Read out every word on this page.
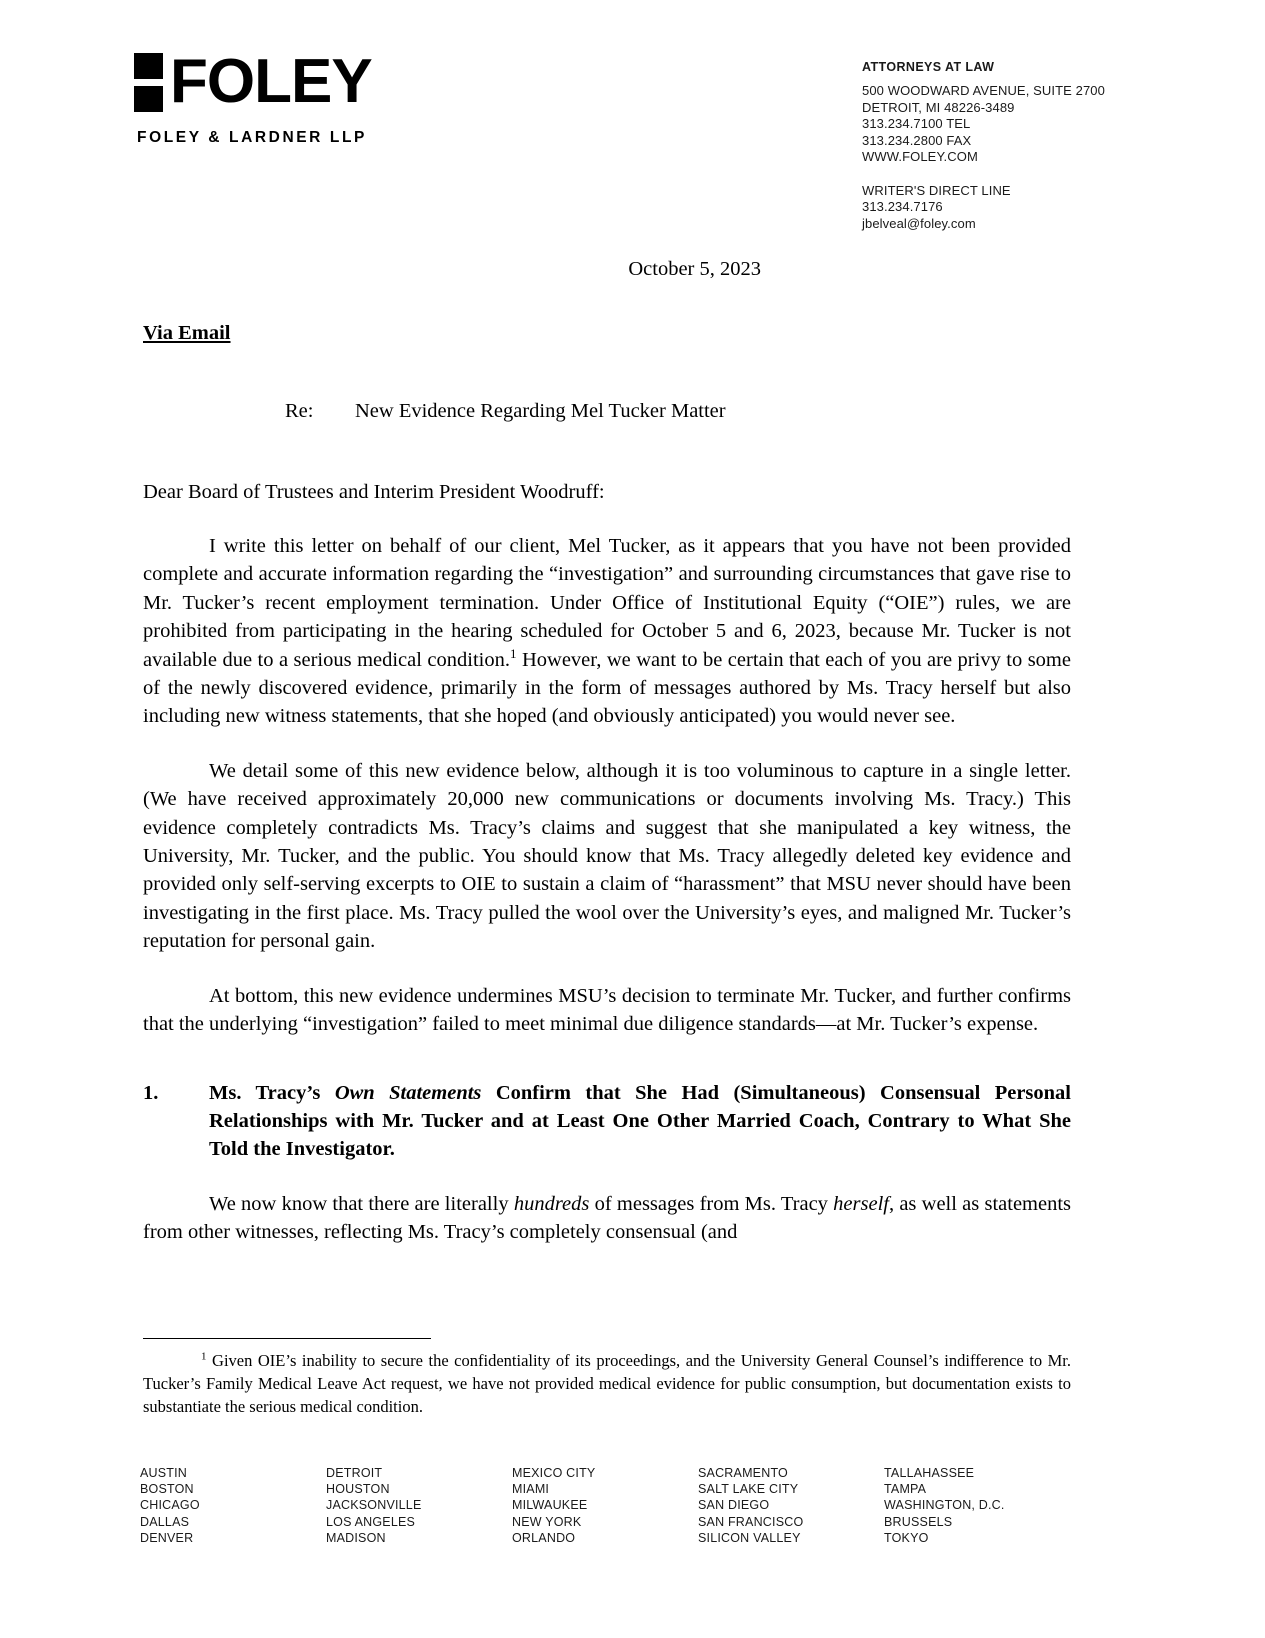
FOLEY
FOLEY & LARDNER LLP
ATTORNEYS AT LAW
500 WOODWARD AVENUE, SUITE 2700
DETROIT, MI 48226-3489
313.234.7100 TEL
313.234.2800 FAX
WWW.FOLEY.COM
WRITER'S DIRECT LINE
313.234.7176
jbelveal@foley.com
October 5, 2023
Via Email
Re:	New Evidence Regarding Mel Tucker Matter
Dear Board of Trustees and Interim President Woodruff:

I write this letter on behalf of our client, Mel Tucker, as it appears that you have not been provided complete and accurate information regarding the “investigation” and surrounding circumstances that gave rise to Mr. Tucker’s recent employment termination. Under Office of Institutional Equity (“OIE”) rules, we are prohibited from participating in the hearing scheduled for October 5 and 6, 2023, because Mr. Tucker is not available due to a serious medical condition.$^1$ However, we want to be certain that each of you are privy to some of the newly discovered evidence, primarily in the form of messages authored by Ms. Tracy herself but also including new witness statements, that she hoped (and obviously anticipated) you would never see.

We detail some of this new evidence below, although it is too voluminous to capture in a single letter. (We have received approximately 20,000 new communications or documents involving Ms. Tracy.) This evidence completely contradicts Ms. Tracy’s claims and suggest that she manipulated a key witness, the University, Mr. Tucker, and the public. You should know that Ms. Tracy allegedly deleted key evidence and provided only self-serving excerpts to OIE to sustain a claim of “harassment” that MSU never should have been investigating in the first place. Ms. Tracy pulled the wool over the University’s eyes, and maligned Mr. Tucker’s reputation for personal gain.

At bottom, this new evidence undermines MSU’s decision to terminate Mr. Tucker, and further confirms that the underlying “investigation” failed to meet minimal due diligence standards—at Mr. Tucker’s expense.

1.	Ms. Tracy’s Own Statements Confirm that She Had (Simultaneous) Consensual Personal Relationships with Mr. Tucker and at Least One Other Married Coach, Contrary to What She Told the Investigator.

We now know that there are literally hundreds of messages from Ms. Tracy herself, as well as statements from other witnesses, reflecting Ms. Tracy’s completely consensual (and

$^1$ Given OIE’s inability to secure the confidentiality of its proceedings, and the University General Counsel’s indifference to Mr. Tucker’s Family Medical Leave Act request, we have not provided medical evidence for public consumption, but documentation exists to substantiate the serious medical condition.

AUSTIN
BOSTON
CHICAGO
DALLAS
DENVER
DETROIT
HOUSTON
JACKSONVILLE
LOS ANGELES
MADISON
MEXICO CITY
MIAMI
MILWAUKEE
NEW YORK
ORLANDO
SACRAMENTO
SALT LAKE CITY
SAN DIEGO
SAN FRANCISCO
SILICON VALLEY
TALLAHASSEE
TAMPA
WASHINGTON, D.C.
BRUSSELS
TOKYO
